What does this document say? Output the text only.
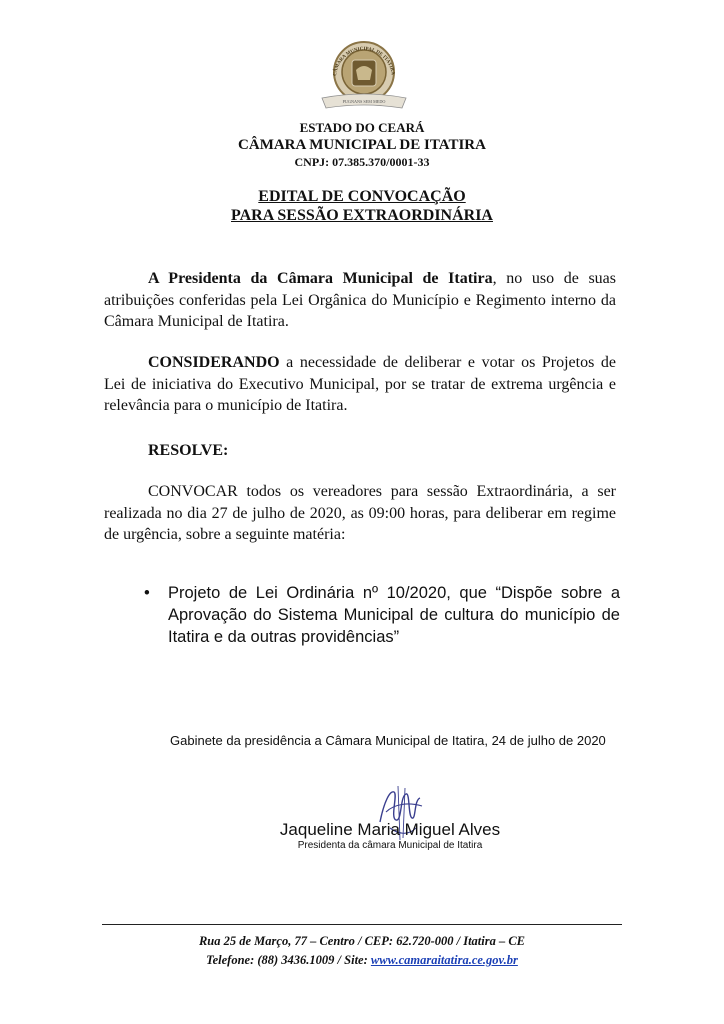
CÂMARA MUNICIPAL DE ITATIRA
PUGNANS SEM MEDO
ESTADO DO CEARÁ
CÂMARA MUNICIPAL DE ITATIRA
CNPJ: 07.385.370/0001-33
EDITAL DE CONVOCAÇÃO
PARA SESSÃO EXTRAORDINÁRIA
A Presidenta da Câmara Municipal de Itatira, no uso de suas atribuições conferidas pela Lei Orgânica do Município e Regimento interno da Câmara Municipal de Itatira.
CONSIDERANDO a necessidade de deliberar e votar os Projetos de Lei de iniciativa do Executivo Municipal, por se tratar de extrema urgência e relevância para o município de Itatira.
RESOLVE:
CONVOCAR todos os vereadores para sessão Extraordinária, a ser realizada no dia 27 de julho de 2020, as 09:00 horas, para deliberar em regime de urgência, sobre a seguinte matéria:
• Projeto de Lei Ordinária nº 10/2020, que “Dispõe sobre a Aprovação do Sistema Municipal de cultura do município de Itatira e da outras providências”
Gabinete da presidência a Câmara Municipal de Itatira, 24 de julho de 2020
Jaqueline Maria Miguel Alves
Presidenta da câmara Municipal de Itatira
Rua 25 de Março, 77 – Centro / CEP: 62.720-000 / Itatira – CE
Telefone: (88) 3436.1009 / Site: www.camaraitatira.ce.gov.br
